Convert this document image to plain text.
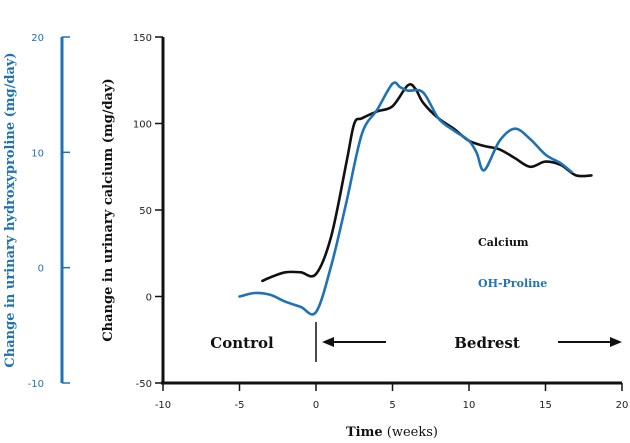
-10
0
10
20
Change in urinary hydroxyproline (mg/day)
-50
0
50
100
150
Change in urinary calcium (mg/day)
-10	-5	0	5	10	15	20
Time (weeks)
Control	Bedrest
Calcium
OH-Proline
